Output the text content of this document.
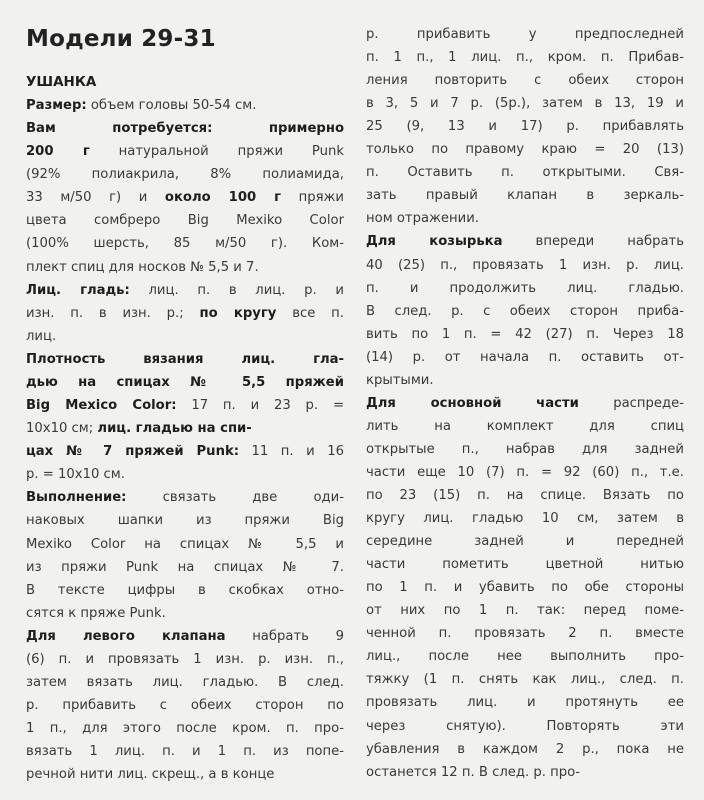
Модели 29-31
УШАНКА
Размер: объем головы 50-54 см.
Вам потребуется: примерно
200 г натуральной пряжи Punk
(92% полиакрила, 8% полиамида,
33 м/50 г) и около 100 г пряжи
цвета сомбреро Big Mexiko Color
(100% шерсть, 85 м/50 г). Ком-
плект спиц для носков № 5,5 и 7.
Лиц. гладь: лиц. п. в лиц. р. и
изн. п. в изн. р.; по кругу все п.
лиц.
Плотность вязания лиц. гла-
дью на спицах № 5,5 пряжей
Big Mexico Color: 17 п. и 23 р. =
10x10 см; лиц. гладью на спи-
цах № 7 пряжей Punk: 11 п. и 16
р. = 10x10 см.
Выполнение: связать две оди-
наковых шапки из пряжи Big
Mexiko Color на спицах № 5,5 и
из пряжи Punk на спицах № 7.
В тексте цифры в скобках отно-
сятся к пряже Punk.
Для левого клапана набрать 9
(6) п. и провязать 1 изн. р. изн. п.,
затем вязать лиц. гладью. В след.
р. прибавить с обеих сторон по
1 п., для этого после кром. п. про-
вязать 1 лиц. п. и 1 п. из попе-
речной нити лиц. скрещ., а в конце
р. прибавить у предпоследней
п. 1 п., 1 лиц. п., кром. п. Прибав-
ления повторить с обеих сторон
в 3, 5 и 7 р. (5р.), затем в 13, 19 и
25 (9, 13 и 17) р. прибавлять
только по правому краю = 20 (13)
п. Оставить п. открытыми. Свя-
зать правый клапан в зеркаль-
ном отражении.
Для козырька впереди набрать
40 (25) п., провязать 1 изн. р. лиц.
п. и продолжить лиц. гладью.
В след. р. с обеих сторон приба-
вить по 1 п. = 42 (27) п. Через 18
(14) р. от начала п. оставить от-
крытыми.
Для основной части распреде-
лить на комплект для спиц
открытые п., набрав для задней
части еще 10 (7) п. = 92 (60) п., т.е.
по 23 (15) п. на спице. Вязать по
кругу лиц. гладью 10 см, затем в
середине задней и передней
части пометить цветной нитью
по 1 п. и убавить по обе стороны
от них по 1 п. так: перед поме-
ченной п. провязать 2 п. вместе
лиц., после нее выполнить про-
тяжку (1 п. снять как лиц., след. п.
провязать лиц. и протянуть ее
через снятую). Повторять эти
убавления в каждом 2 р., пока не
останется 12 п. В след. р. про-
